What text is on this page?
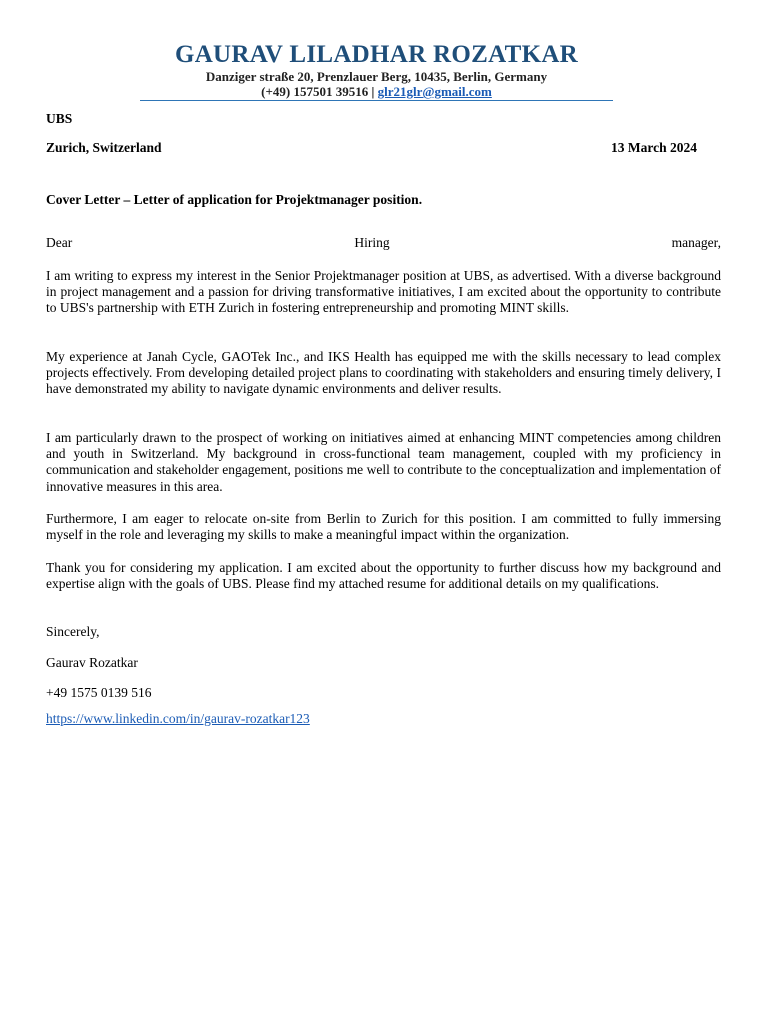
GAURAV LILADHAR ROZATKAR
Danziger straße 20, Prenzlauer Berg, 10435, Berlin, Germany
(+49) 157501 39516 | glr21glr@gmail.com
UBS
Zurich, Switzerland	13 March 2024
Cover Letter – Letter of application for Projektmanager position.
Dear	Hiring	manager,
I am writing to express my interest in the Senior Projektmanager position at UBS, as advertised. With a diverse background in project management and a passion for driving transformative initiatives, I am excited about the opportunity to contribute to UBS's partnership with ETH Zurich in fostering entrepreneurship and promoting MINT skills.
My experience at Janah Cycle, GAOTek Inc., and IKS Health has equipped me with the skills necessary to lead complex projects effectively. From developing detailed project plans to coordinating with stakeholders and ensuring timely delivery, I have demonstrated my ability to navigate dynamic environments and deliver results.
I am particularly drawn to the prospect of working on initiatives aimed at enhancing MINT competencies among children and youth in Switzerland. My background in cross-functional team management, coupled with my proficiency in communication and stakeholder engagement, positions me well to contribute to the conceptualization and implementation of innovative measures in this area.
Furthermore, I am eager to relocate on-site from Berlin to Zurich for this position. I am committed to fully immersing myself in the role and leveraging my skills to make a meaningful impact within the organization.
Thank you for considering my application. I am excited about the opportunity to further discuss how my background and expertise align with the goals of UBS. Please find my attached resume for additional details on my qualifications.
Sincerely,
Gaurav Rozatkar
+49 1575 0139 516
https://www.linkedin.com/in/gaurav-rozatkar123
